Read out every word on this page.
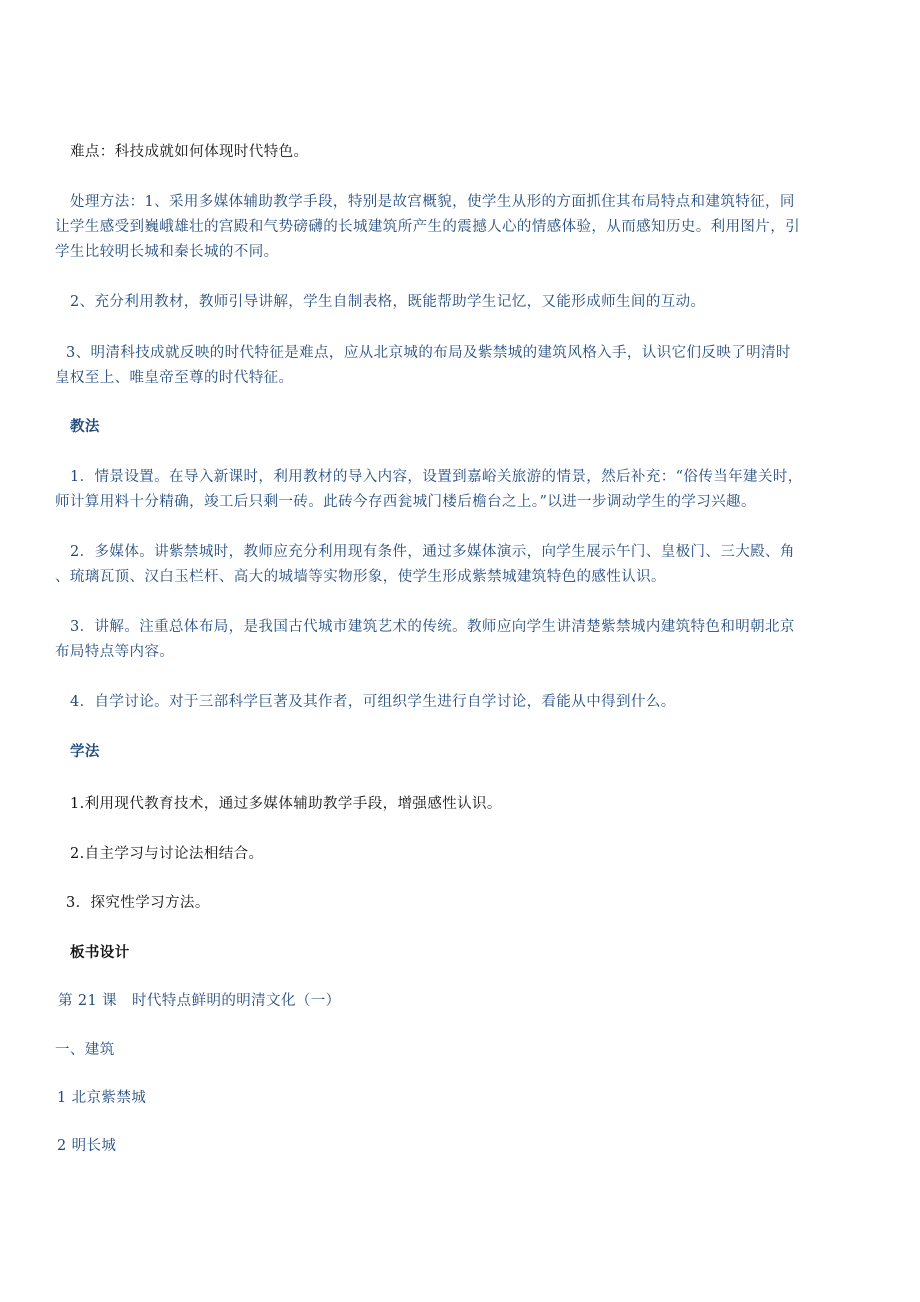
难点：科技成就如何体现时代特色。
处理方法：1、采用多媒体辅助教学手段，特别是故宫概貌，使学生从形的方面抓住其布局特点和建筑特征，同
让学生感受到巍峨雄壮的宫殿和气势磅礴的长城建筑所产生的震撼人心的情感体验，从而感知历史。利用图片，引
学生比较明长城和秦长城的不同。
2、充分利用教材，教师引导讲解，学生自制表格，既能帮助学生记忆，又能形成师生间的互动。
3、明清科技成就反映的时代特征是难点，应从北京城的布局及紫禁城的建筑风格入手，认识它们反映了明清时
皇权至上、唯皇帝至尊的时代特征。
教法
1．情景设置。在导入新课时，利用教材的导入内容，设置到嘉峪关旅游的情景，然后补充：“俗传当年建关时，
师计算用料十分精确，竣工后只剩一砖。此砖今存西瓮城门楼后檐台之上。”以进一步调动学生的学习兴趣。
2．多媒体。讲紫禁城时，教师应充分利用现有条件，通过多媒体演示，向学生展示午门、皇极门、三大殿、角
、琉璃瓦顶、汉白玉栏杆、高大的城墙等实物形象，使学生形成紫禁城建筑特色的感性认识。
3．讲解。注重总体布局，是我国古代城市建筑艺术的传统。教师应向学生讲清楚紫禁城内建筑特色和明朝北京
布局特点等内容。
4．自学讨论。对于三部科学巨著及其作者，可组织学生进行自学讨论，看能从中得到什么。
学法
1.利用现代教育技术，通过多媒体辅助教学手段，增强感性认识。
2.自主学习与讨论法相结合。
3．探究性学习方法。
板书设计
第 21 课　时代特点鲜明的明清文化（一）
一、建筑
1 北京紫禁城
2 明长城
